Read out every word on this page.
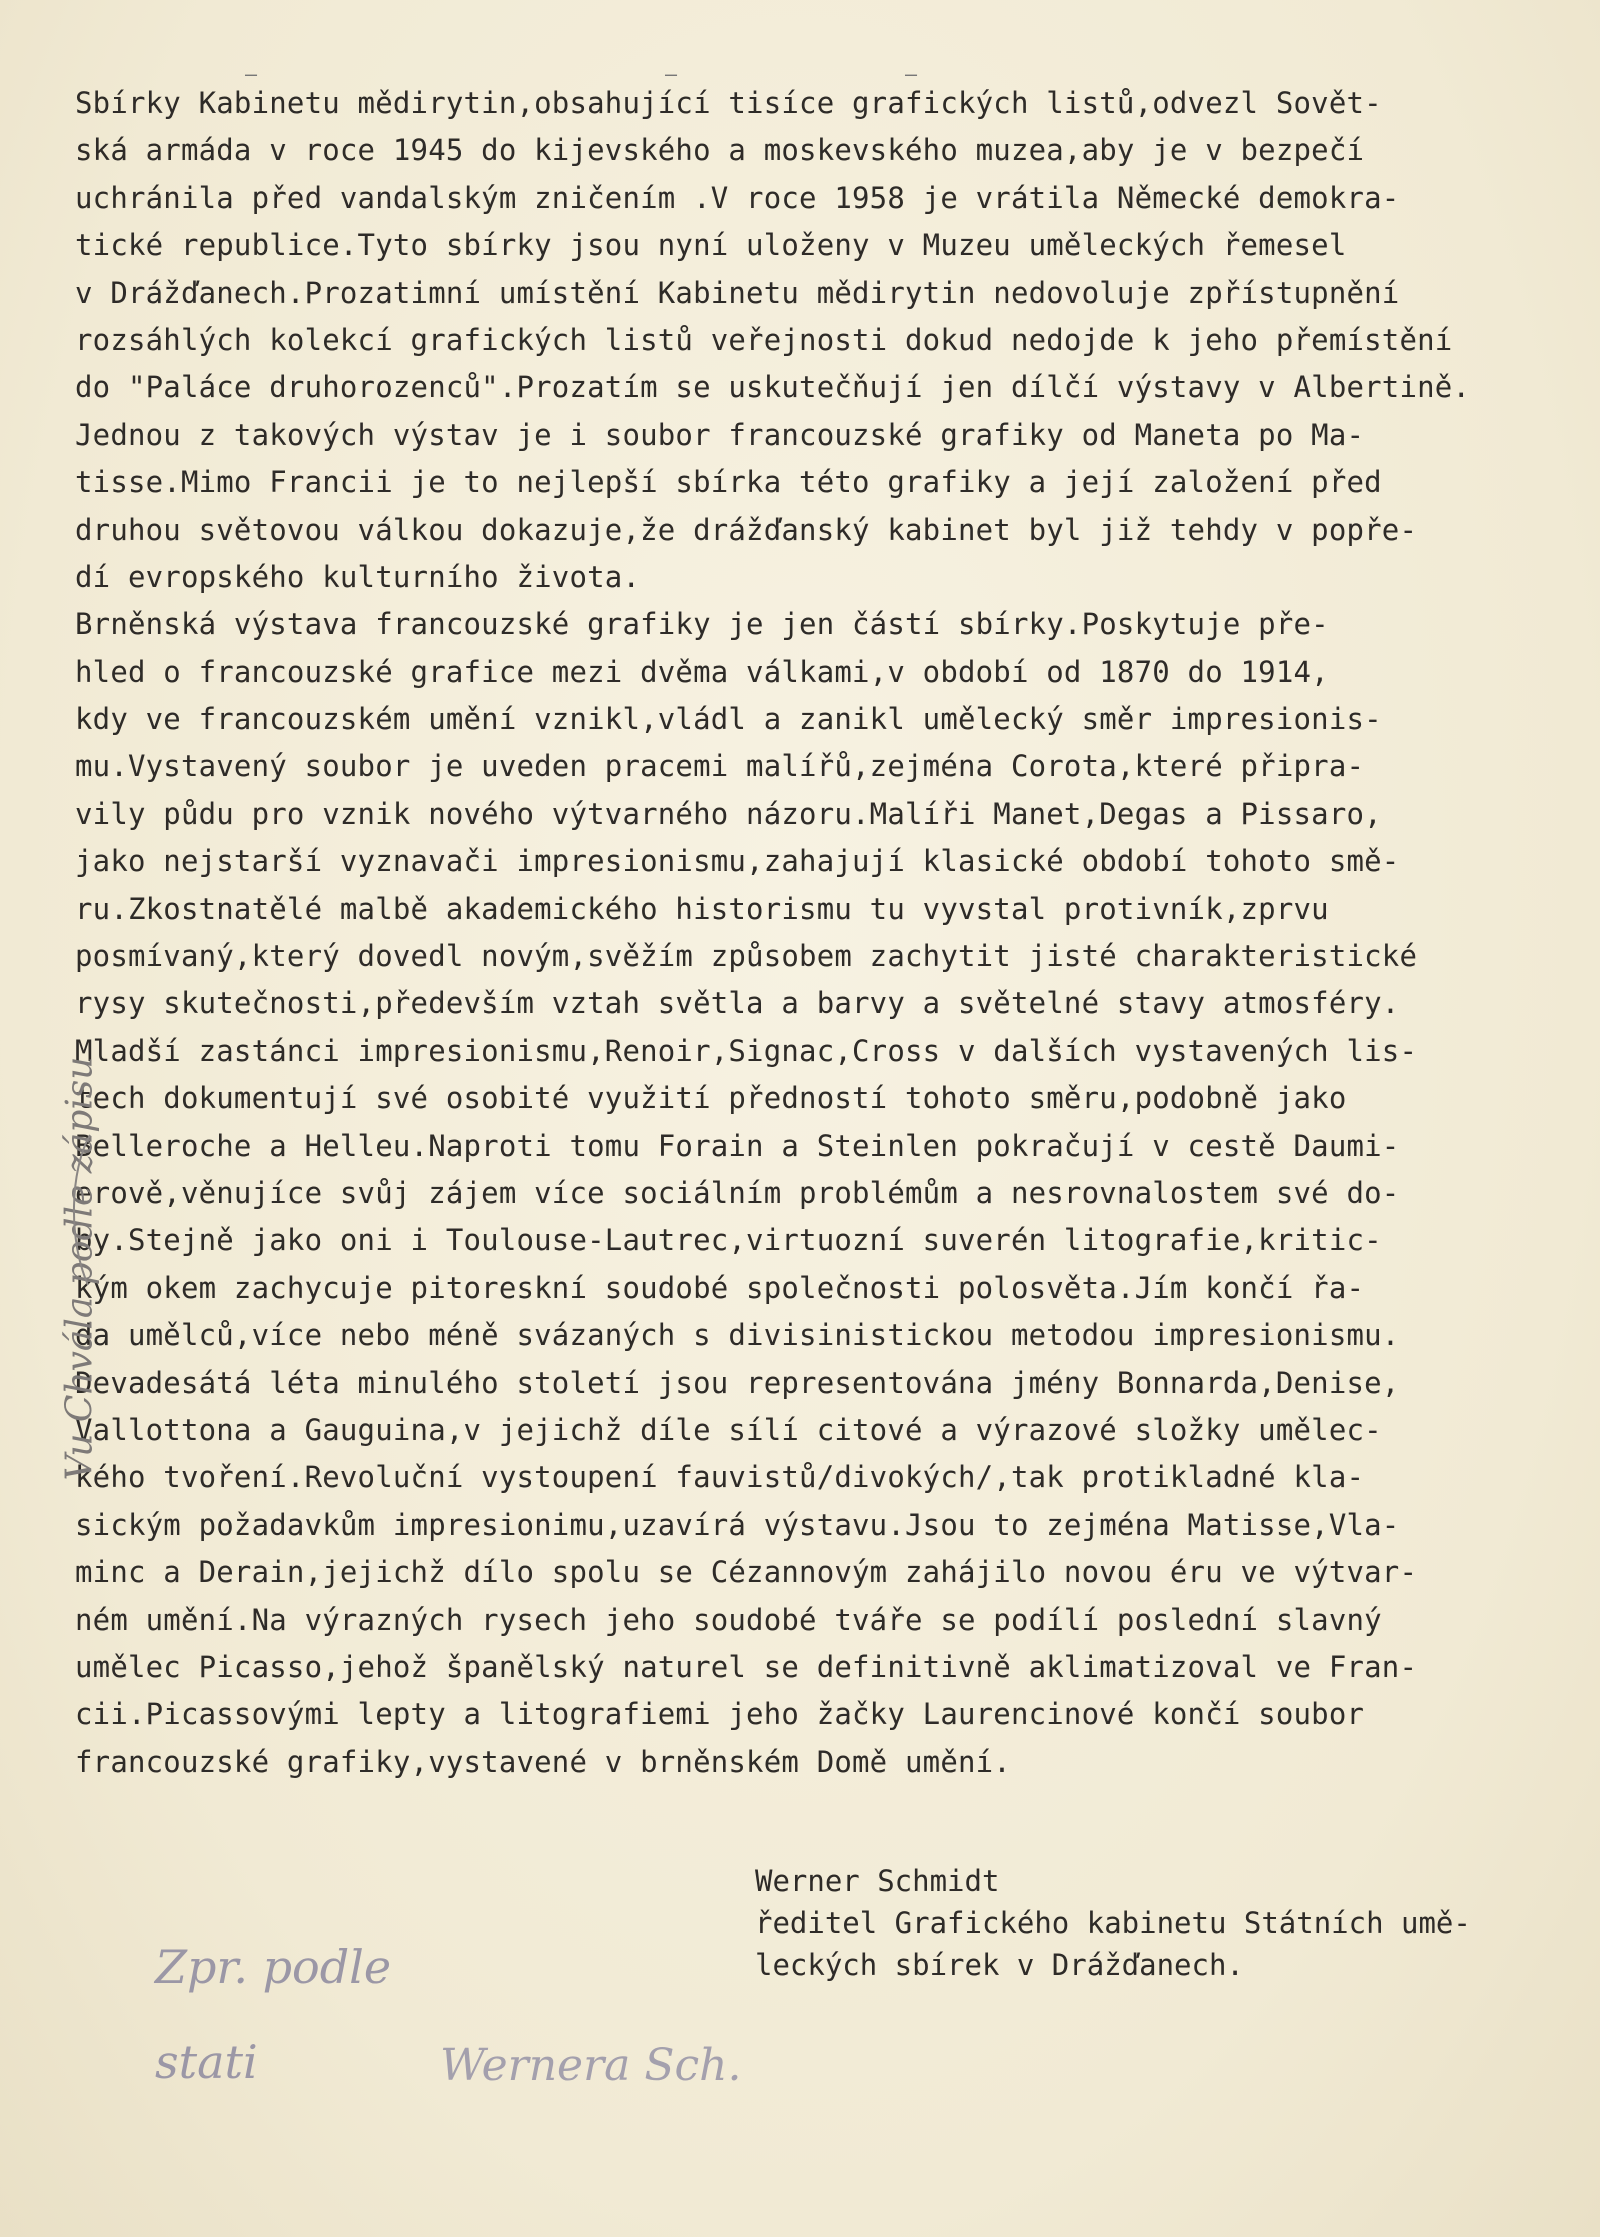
–	–	–
Sbírky Kabinetu mědirytin,obsahující tisíce grafických listů,odvezl Sovět-
ská armáda v roce 1945 do kijevského a moskevského muzea,aby je v bezpečí
uchránila před vandalským zničením .V roce 1958 je vrátila Německé demokra-
tické republice.Tyto sbírky jsou nyní uloženy v Muzeu uměleckých řemesel
v Drážďanech.Prozatimní umístění Kabinetu mědirytin nedovoluje zpřístupnění
rozsáhlých kolekcí grafických listů veřejnosti dokud nedojde k jeho přemístění
do "Paláce druhorozenců".Prozatím se uskutečňují jen dílčí výstavy v Albertině.
Jednou z takových výstav je i soubor francouzské grafiky od Maneta po Ma-
tisse.Mimo Francii je to nejlepší sbírka této grafiky a její založení před
druhou světovou válkou dokazuje,že drážďanský kabinet byl již tehdy v popře-
dí evropského kulturního života.
Brněnská výstava francouzské grafiky je jen částí sbírky.Poskytuje pře-
hled o francouzské grafice mezi dvěma válkami,v období od 1870 do 1914,
kdy ve francouzském umění vznikl,vládl a zanikl umělecký směr impresionis-
mu.Vystavený soubor je uveden pracemi malířů,zejména Corota,které připra-
vily půdu pro vznik nového výtvarného názoru.Malíři Manet,Degas a Pissaro,
jako nejstarší vyznavači impresionismu,zahajují klasické období tohoto smě-
ru.Zkostnatělé malbě akademického historismu tu vyvstal protivník,zprvu
posmívaný,který dovedl novým,svěžím způsobem zachytit jisté charakteristické
rysy skutečnosti,především vztah světla a barvy a světelné stavy atmosféry.
Mladší zastánci impresionismu,Renoir,Signac,Cross v dalších vystavených lis-
tech dokumentují své osobité využití předností tohoto směru,podobně jako
Belleroche a Helleu.Naproti tomu Forain a Steinlen pokračují v cestě Daumi-
erově,věnujíce svůj zájem více sociálním problémům a nesrovnalostem své do-
by.Stejně jako oni i Toulouse-Lautrec,virtuozní suverén litografie,kritic-
kým okem zachycuje pitoreskní soudobé společnosti polosvěta.Jím končí řa-
da umělců,více nebo méně svázaných s divisinistickou metodou impresionismu.
Devadesátá léta minulého století jsou representována jmény Bonnarda,Denise,
Vallottona a Gauguina,v jejichž díle sílí citové a výrazové složky umělec-
kého tvoření.Revoluční vystoupení fauvistů/divokých/,tak protikladné kla-
sickým požadavkům impresionimu,uzavírá výstavu.Jsou to zejména Matisse,Vla-
minc a Derain,jejichž dílo spolu se Cézannovým zahájilo novou éru ve výtvar-
ném umění.Na výrazných rysech jeho soudobé tváře se podílí poslední slavný
umělec Picasso,jehož španělský naturel se definitivně aklimatizoval ve Fran-
cii.Picassovými lepty a litografiemi jeho žačky Laurencinové končí soubor
francouzské grafiky,vystavené v brněnském Domě umění.
Werner Schmidt
ředitel Grafického kabinetu Státních umě-
leckých sbírek v Drážďanech.
Vu Chvála podle zápisu
Zpr. podle
stati	Wernera Sch.
